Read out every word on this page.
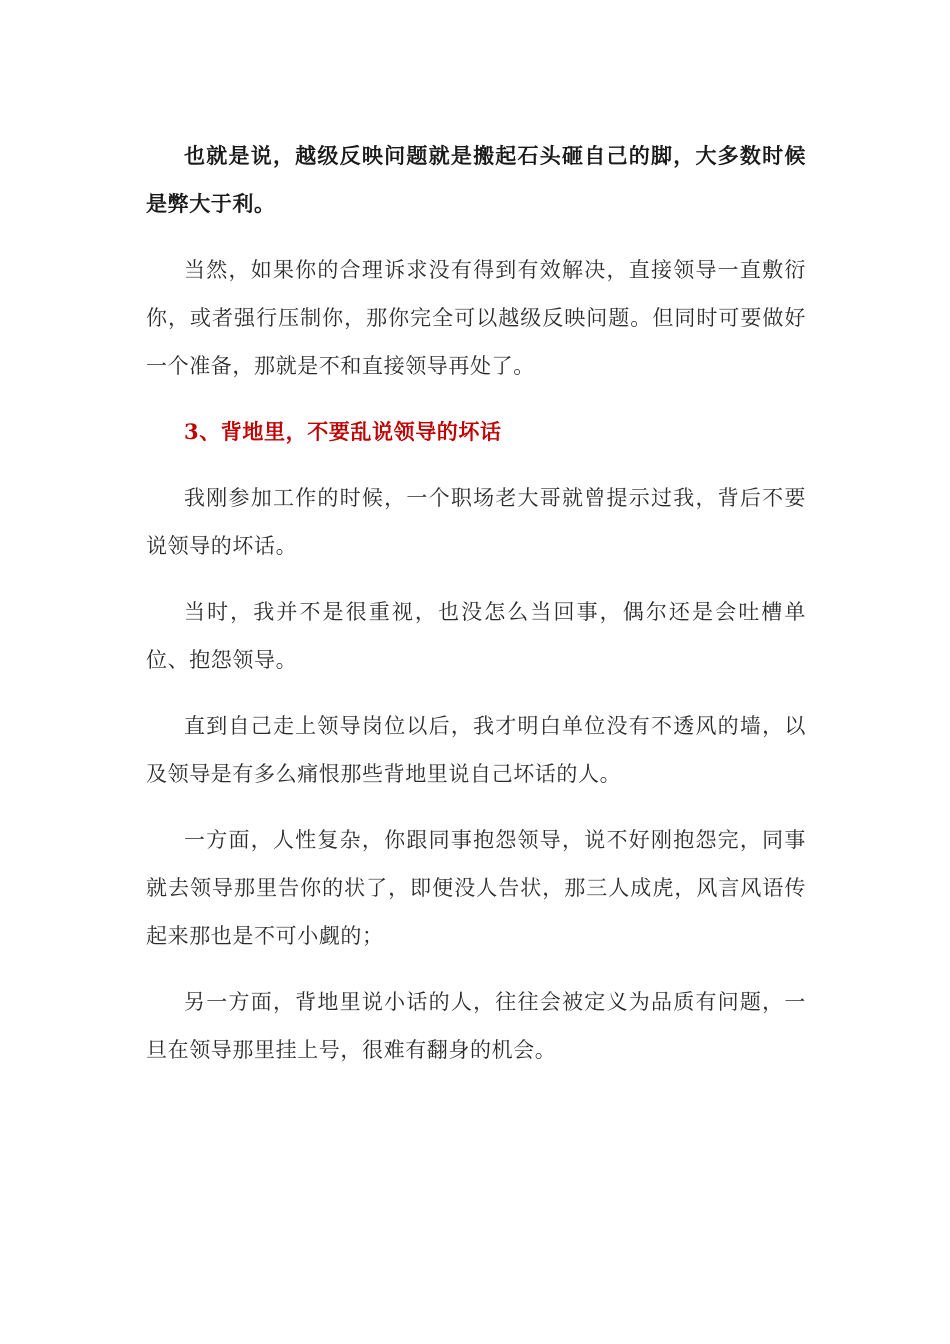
也就是说，越级反映问题就是搬起石头砸自己的脚，大多数时候是弊大于利。

当然，如果你的合理诉求没有得到有效解决，直接领导一直敷衍你，或者强行压制你，那你完全可以越级反映问题。但同时可要做好一个准备，那就是不和直接领导再处了。

3、背地里，不要乱说领导的坏话

我刚参加工作的时候，一个职场老大哥就曾提示过我，背后不要说领导的坏话。

当时，我并不是很重视，也没怎么当回事，偶尔还是会吐槽单位、抱怨领导。

直到自己走上领导岗位以后，我才明白单位没有不透风的墙，以及领导是有多么痛恨那些背地里说自己坏话的人。

一方面，人性复杂，你跟同事抱怨领导，说不好刚抱怨完，同事就去领导那里告你的状了，即便没人告状，那三人成虎，风言风语传起来那也是不可小觑的；

另一方面，背地里说小话的人，往往会被定义为品质有问题，一旦在领导那里挂上号，很难有翻身的机会。
